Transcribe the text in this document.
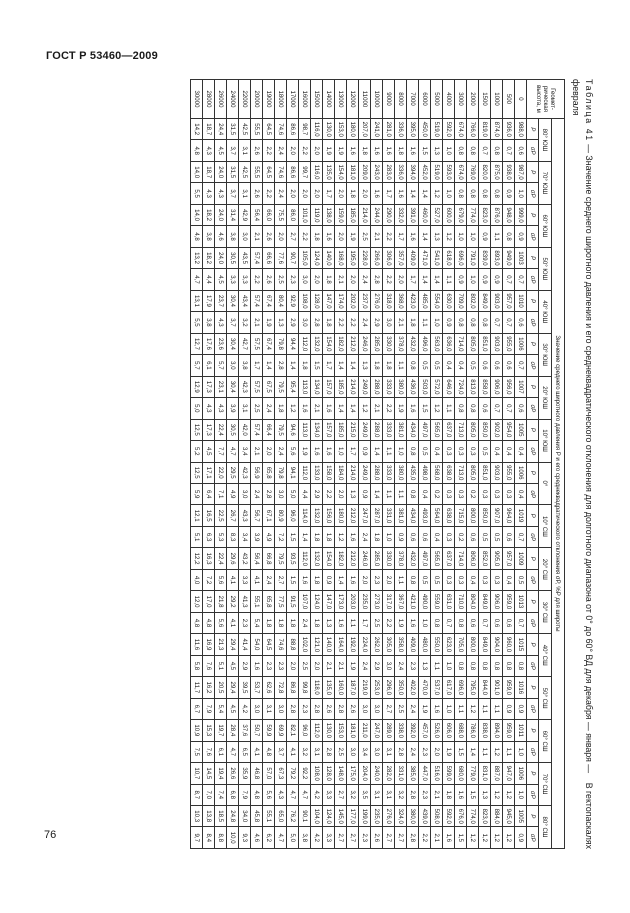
ГОСТ Р 53460—2009
76	В гектопаскалях
Таблица 41 — Значение среднего широтного давления и его среднеквадратического отклонения для долготного диапазона от 0° до 60° ВД для декабря — января — февраля
Геомет-рическая высота, м	Значение среднего широтного давления P и его среднеквадратического отклонения σP, %P для широты																																	
	80° ЮШ		70° ЮШ		60° ЮШ		50° ЮШ		40° ЮШ		30° ЮШ		20° ЮШ		10° ЮШ		0°		10° СШ		20° СШ		30° СШ		40° СШ		50° СШ		60° СШ		70° СШ		80° СШ	
	P	σP	P	σP	P	σP	P	σP	P	σP	P	σP	P	σP	P	σP	P	σP	P	σP	P	σP	P	σP	P	σP	P	σP	P	σP	P	σP	P	σP
0	988,0	0,6	987,0	1,0	999,0	0,9	1003	0,7	1010	0,6	1006	0,7	1007	0,6	1005	0,4	1006	0,4	1019	0,7	1009	0,5	1013	0,7	1015	0,8	1016	0,9	1011	1,0	1006	1,0	1005	0,9
500	936,0	0,7	938,0	0,9	948,0	0,8	949,0	0,7	957,0	0,7	955,0	0,6	956,0	0,7	954,0	0,4	955,0	0,3	964,0	0,6	957,0	0,4	959,0	0,6	960,0	0,8	959,0	0,9	959,0	1,1	947,0	1,2	945,0	1,2
1000	874,0	0,8	875,0	0,8	876,0	1,1	893,0	0,9	903,0	0,7	903,0	0,6	906,0	0,7	902,0	0,4	903,0	0,3	907,0	0,5	905,0	0,3	906,0	0,6	904,0	0,8	901,0	1,1	894,0	1,2	887,0	1,2	884,0	1,2
1500	819,0	0,7	820,0	0,8	823,0	0,9	839,0	0,9	849,0	0,8	851,0	0,6	858,0	0,6	850,0	0,5	851,0	0,3	850,0	0,5	852,0	0,3	849,0	0,7	849,0	0,8	844,0	1,1	838,0	1,1	831,0	1,3	823,0	1,2
2000	766,0	0,8	769,0	0,8	774,0	1,0	791,0	1,0	802,0	0,8	805,0	0,5	813,0	0,8	805,0	0,3	805,0	0,2	800,0	0,6	806,0	0,4	804,0	0,6	800,0	0,8	795,0	1,2	786,0	1,4	779,0	1,5	774,0	1,2
3000	674,0	0,8	674,0	0,8	679,0	1,0	696,0	0,9	709,0	0,8	714,0	0,4	724,0	0,8	713,0	0,3	713,0	0,3	715,0	0,2	714,0	0,3	710,0	0,8	705,0	0,8	696,0	1,1	688,0	1,5	680,0	1,6	676,0	1,5
4000	592,0	1,0	593,0	1,0	600,0	1,2	618,0	1,1	630,0	0,9	636,0	0,4	646,0	1,1	637,0	0,3	638,0	0,3	638,0	0,3	637,0	0,3	631,0	0,7	623,0	1,0	617,0	1,0	606,0	1,9	599,0	1,8	592,0	1,6
5000	519,0	1,3	519,0	1,2	527,0	1,3	541,0	1,4	554,0	1,0	563,0	0,5	572,0	1,2	565,0	0,4	568,0	0,2	564,0	0,4	565,0	0,5	559,0	0,8	550,0	1,1	537,0	1,6	526,0	2,0	516,0	2,1	508,0	2,1
6000	450,0	1,5	452,0	1,4	460,0	1,4	471,0	1,4	485,0	1,1	496,0	0,5	503,0	1,5	497,0	0,5	498,0	0,4	493,0	0,6	497,0	0,5	490,0	1,0	480,0	1,3	470,0	1,9	457,0	2,3	447,0	2,3	439,0	2,2
7000	395,0	1,6	394,0	1,4	391,0	1,6	409,0	1,7	423,0	1,8	432,0	0,8	436,0	1,6	434,0	0,8	435,0	0,8	434,0	0,6	432,0	0,8	421,0	1,6	409,0	2,3	402,0	2,4	392,0	2,4	385,0	2,8	380,0	2,8
8000	336,0	1,8	336,0	1,6	332,0	1,7	357,0	2,0	368,0	2,1	378,0	1,1	380,0	1,9	381,0	1,0	380,0	1,1	381,0	0,9	378,0	1,1	367,0	1,9	358,0	2,4	350,0	2,5	338,0	2,8	331,0	3,2	324,0	2,7
9000	281,0	1,6	283,0	1,7	290,0	2,2	306,0	2,2	318,0	3,0	330,0	1,8	333,0	2,2	333,0	1,1	333,0	1,1	331,0	1,0	330,0	2,0	317,0	2,2	305,0	3,0	296,0	2,7	289,0	3,1	282,0	3,1	276,0	2,7
10000	241,0	1,6	243,0	1,6	244,0	2,1	266,0	2,8	276,0	2,9	285,0	1,8	288,0	2,1	288,0	1,4	288,0	1,4	287,0	1,8	285,0	2,3	273,0	2,5	262,0	2,9	253,0	3,0	247,0	3,0	240,0	3,1	235,0	2,6
11000	207,0	1,8	209,0	2,0	214,0	2,5	228,0	2,4	237,0	2,4	246,0	1,3	249,0	1,2	249,0	0,9	249,0	0,9	247,0	2,4	246,0	2,0	235,0	1,7	224,0	2,4	219,0	3,0	211,0	3,4	204,0	3,5	199,0	2,3
12000	180,0	1,6	181,0	1,8	185,0	1,9	195,0	2,0	202,0	2,2	212,0	1,4	214,0	1,4	215,0	1,7	214,0	1,3	212,0	1,6	212,0	1,6	203,0	1,1	192,0	1,9	187,0	2,6	181,0	3,0	175,0	3,2	177,0	2,7
13000	153,0	1,9	154,0	2,0	159,0	2,0	168,0	2,1	174,0	2,2	182,0	1,4	185,0	1,4	185,0	1,0	184,0	2,0	180,0	1,2	182,0	1,4	173,0	1,6	164,0	2,1	160,0	2,8	153,0	2,5	148,0	2,7	145,0	2,7
14000	130,0	1,9	135,0	1,7	138,0	1,6	140,0	1,8	147,0	1,8	154,0	1,7	157,0	1,6	157,0	1,6	158,0	2,2	156,0	1,8	154,0	0,9	147,0	1,3	140,0	2,1	135,0	2,6	130,0	2,8	128,0	3,3	124,0	3,3
15000	116,0	2,0	116,0	2,0	119,0	1,8	124,0	2,0	128,0	2,8	132,0	1,5	134,0	2,1	134,0	1,6	133,0	2,9	132,0	1,8	132,0	1,8	124,0	1,8	121,0	2,0	118,0	2,8	112,0	3,1	108,0	4,2	104,0	4,2
16000	98,7	2,2	99,7	2,0	101,0	2,2	105,0	3,0	108,0	3,0	112,0	1,8	113,0	1,6	113,0	1,9	112,0	4,4	114,0	1,4	112,0	1,6	107,0	2,4	102,0	2,5	99,8	2,3	96,0	3,2	92,2	4,7	90,1	3,8
17000	86,6	2,0	86,6	2,0	86,0	2,7	90,7	2,3	92,9	2,9	94,4	1,4	95,4	1,2	94,6	5,6	94,1	5,0	96,0	1,5	93,5	1,5	91,5	1,8	88,8	2,0	86,8	2,8	82,1	4,1	79,2	4,7	76,2	5,0
18000	74,6	2,4	74,6	2,4	75,5	2,0	77,6	2,5	80,4	1,3	79,8	2,8	79,5	1,8	79,5	2,4	79,8	3,0	80,9	7,2	79,5	2,7	77,5	1,8	74,6	2,3	72,8	3,0	69,9	3,7	67,3	4,3	65,0	4,7
19000	64,5	2,2	64,5	2,2	66,0	2,6	66,6	2,6	67,4	1,9	67,4	1,4	67,5	2,4	66,4	2,0	65,8	2,8	67,1	4,9	66,8	2,4	65,8	1,8	64,5	2,3	62,6	3,1	59,9	4,8	57,0	5,6	55,1	6,2
20000	55,5	2,6	55,5	2,6	56,4	2,1	57,4	2,2	57,4	2,1	57,5	1,7	57,5	2,5	57,4	2,1	56,9	2,4	56,7	3,9	56,4	4,1	55,1	5,4	54,0	1,6	53,7	3,0	50,7	4,1	46,8	4,8	45,8	4,6
22000	42,5	3,1	42,5	3,1	42,9	3,0	43,5	3,3	43,4	3,2	42,7	3,8	42,3	3,1	42,0	3,4	42,3	3,0	43,3	3,4	43,2	3,3	41,3	2,3	41,4	2,9	39,5	4,2	37,6	6,5	35,9	7,9	34,0	9,3
24000	31,5	3,7	31,5	3,7	31,4	3,8	30,5	3,3	30,4	3,7	30,4	3,0	30,4	3,9	30,5	4,7	29,5	4,9	26,7	8,3	29,6	4,1	29,2	4,1	29,4	4,5	29,4	4,5	28,4	4,7	26,6	6,8	24,8	10,0
26000	24,4	4,5	24,0	4,3	24,0	4,6	24,0	4,5	23,7	4,3	23,6	5,7	23,1	4,3	22,4	7,7	22,0	7,1	22,5	5,3	22,4	5,6	21,8	5,6	21,3	5,1	20,5	5,4	19,7	6,1	19,4	7,4	18,5	8,8
28000	18,7	4,3	18,7	4,3	18,2	3,8	18,2	4,4	17,9	3,8	17,6	6,1	17,3	4,3	17,3	4,5	17,1	6,4	16,5	6,3	16,3	7,2	17,0	4,8	16,9	7,6	16,2	7,9	15,3	7,6	14,5	7,0	13,8	8,4
30000	14,2	4,8	14,0	5,5	14,0	4,8	13,2	4,7	13,1	5,5	12,7	5,7	12,9	5,0	12,5	5,2	12,5	5,9	12,1	5,1	12,2	4,0	12,0	4,8	11,6	5,8	11,7	6,7	10,9	7,5	10,7	8,7	10,3	9,7
